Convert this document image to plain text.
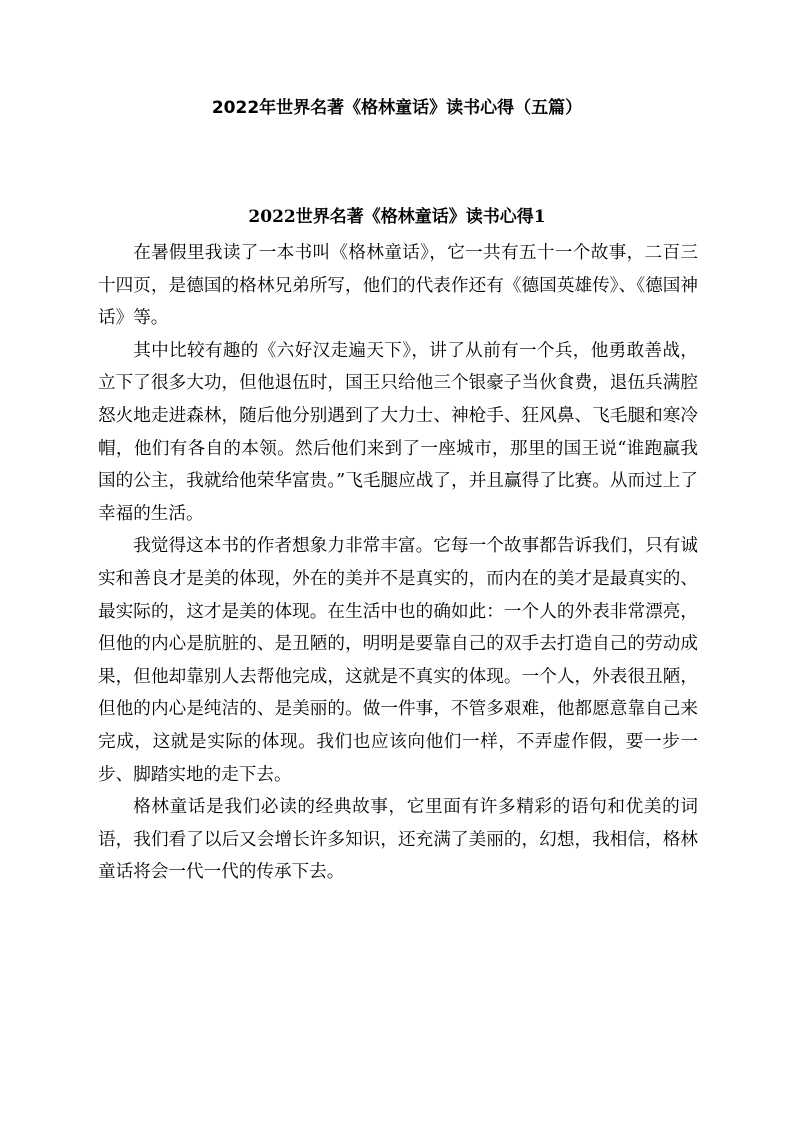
2022年世界名著《格林童话》读书心得（五篇）
2022世界名著《格林童话》读书心得1

在暑假里我读了一本书叫《格林童话》，它一共有五十一个故事，二百三十四页，是德国的格林兄弟所写，他们的代表作还有《德国英雄传》、《德国神话》等。

其中比较有趣的《六好汉走遍天下》，讲了从前有一个兵，他勇敢善战，立下了很多大功，但他退伍时，国王只给他三个银豪子当伙食费，退伍兵满腔怒火地走进森林，随后他分别遇到了大力士、神枪手、狂风鼻、飞毛腿和寒冷帽，他们有各自的本领。然后他们来到了一座城市，那里的国王说“谁跑赢我国的公主，我就给他荣华富贵。”飞毛腿应战了，并且赢得了比赛。从而过上了幸福的生活。

我觉得这本书的作者想象力非常丰富。它每一个故事都告诉我们，只有诚实和善良才是美的体现，外在的美并不是真实的，而内在的美才是最真实的、最实际的，这才是美的体现。在生活中也的确如此：一个人的外表非常漂亮，但他的内心是肮脏的、是丑陋的，明明是要靠自己的双手去打造自己的劳动成果，但他却靠别人去帮他完成，这就是不真实的体现。一个人，外表很丑陋，但他的内心是纯洁的、是美丽的。做一件事，不管多艰难，他都愿意靠自己来完成，这就是实际的体现。我们也应该向他们一样，不弄虚作假，要一步一步、脚踏实地的走下去。

格林童话是我们必读的经典故事，它里面有许多精彩的语句和优美的词语，我们看了以后又会增长许多知识，还充满了美丽的，幻想，我相信，格林童话将会一代一代的传承下去。
